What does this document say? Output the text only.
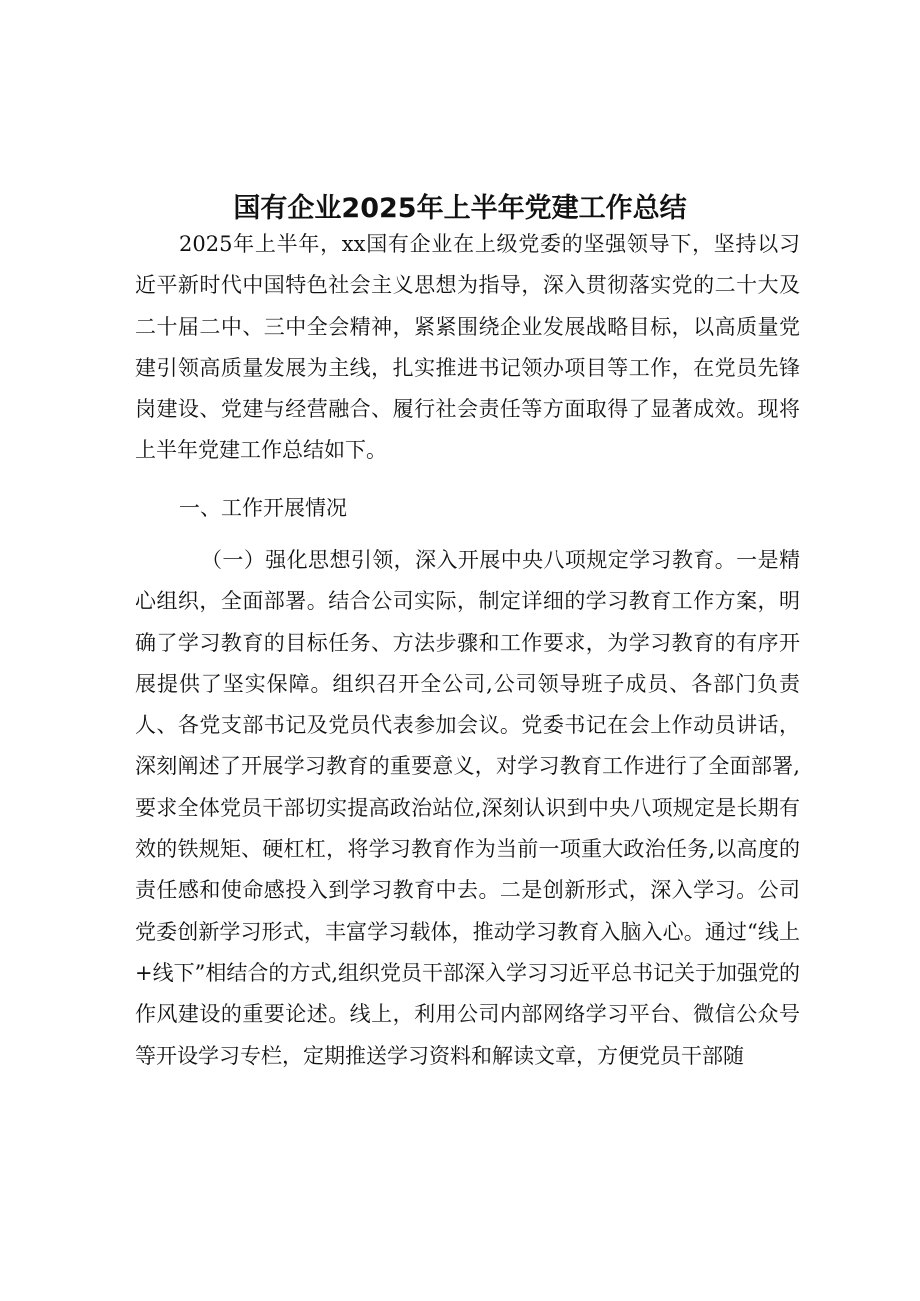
国有企业2025年上半年党建工作总结

2025年上半年，xx国有企业在上级党委的坚强领导下，坚持以习近平新时代中国特色社会主义思想为指导，深入贯彻落实党的二十大及二十届二中、三中全会精神，紧紧围绕企业发展战略目标，以高质量党建引领高质量发展为主线，扎实推进书记领办项目等工作，在党员先锋岗建设、党建与经营融合、履行社会责任等方面取得了显著成效。现将上半年党建工作总结如下。

一、工作开展情况

（一）强化思想引领，深入开展中央八项规定学习教育。一是精心组织，全面部署。结合公司实际，制定详细的学习教育工作方案，明确了学习教育的目标任务、方法步骤和工作要求，为学习教育的有序开展提供了坚实保障。组织召开全公司,公司领导班子成员、各部门负责人、各党支部书记及党员代表参加会议。党委书记在会上作动员讲话，深刻阐述了开展学习教育的重要意义，对学习教育工作进行了全面部署,要求全体党员干部切实提高政治站位,深刻认识到中央八项规定是长期有效的铁规矩、硬杠杠，将学习教育作为当前一项重大政治任务,以高度的责任感和使命感投入到学习教育中去。二是创新形式，深入学习。公司党委创新学习形式，丰富学习载体，推动学习教育入脑入心。通过“线上+线下”相结合的方式,组织党员干部深入学习习近平总书记关于加强党的作风建设的重要论述。线上，利用公司内部网络学习平台、微信公众号等开设学习专栏，定期推送学习资料和解读文章，方便党员干部随
